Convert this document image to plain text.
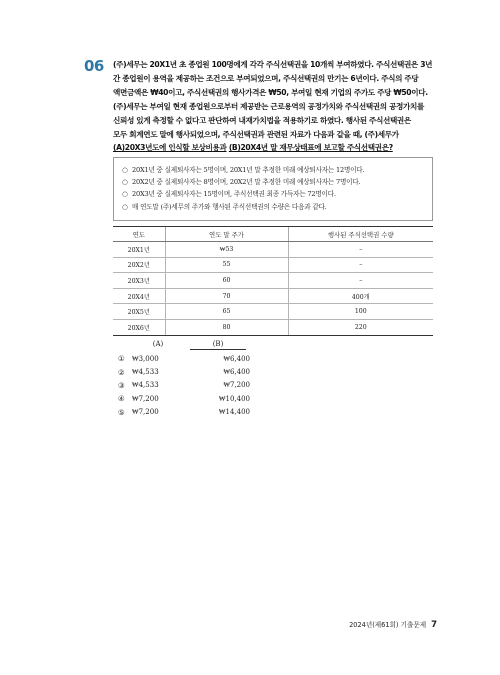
06 (주)세무는 20X1년 초 종업원 100명에게 각각 주식선택권을 10개씩 부여하였다. 주식선택권은 3년
간 종업원이 용역을 제공하는 조건으로 부여되었으며, 주식선택권의 만기는 6년이다. 주식의 주당
액면금액은 ₩40이고, 주식선택권의 행사가격은 ₩50, 부여일 현재 기업의 주가도 주당 ₩50이다.
(주)세무는 부여일 현재 종업원으로부터 제공받는 근로용역의 공정가치와 주식선택권의 공정가치를
신뢰성 있게 측정할 수 없다고 판단하여 내재가치법을 적용하기로 하였다. 행사된 주식선택권은
모두 회계연도 말에 행사되었으며, 주식선택권과 관련된 자료가 다음과 같을 때, (주)세무가
(A)20X3년도에 인식할 보상비용과 (B)20X4년 말 재무상태표에 보고할 주식선택권은?
○ 20X1년 중 실제퇴사자는 5명이며, 20X1년 말 추정한 미래 예상퇴사자는 12명이다.
○ 20X2년 중 실제퇴사자는 8명이며, 20X2년 말 추정한 미래 예상퇴사자는 7명이다.
○ 20X3년 중 실제퇴사자는 15명이며, 주식선택권 최종 가득자는 72명이다.
○ 매 연도말 (주)세무의 주가와 행사된 주식선택권의 수량은 다음과 같다.
연도	연도 말 주가	행사된 주식선택권 수량
20X1년	₩53	–
20X2년	55	–
20X3년	60	–
20X4년	70	400개
20X5년	65	100
20X6년	80	220
(A)	(B)
①	₩3,000	₩6,400
②	₩4,533	₩6,400
③	₩4,533	₩7,200
④	₩7,200	₩10,400
⑤	₩7,200	₩14,400
2024년(제61회) 기출문제 7
